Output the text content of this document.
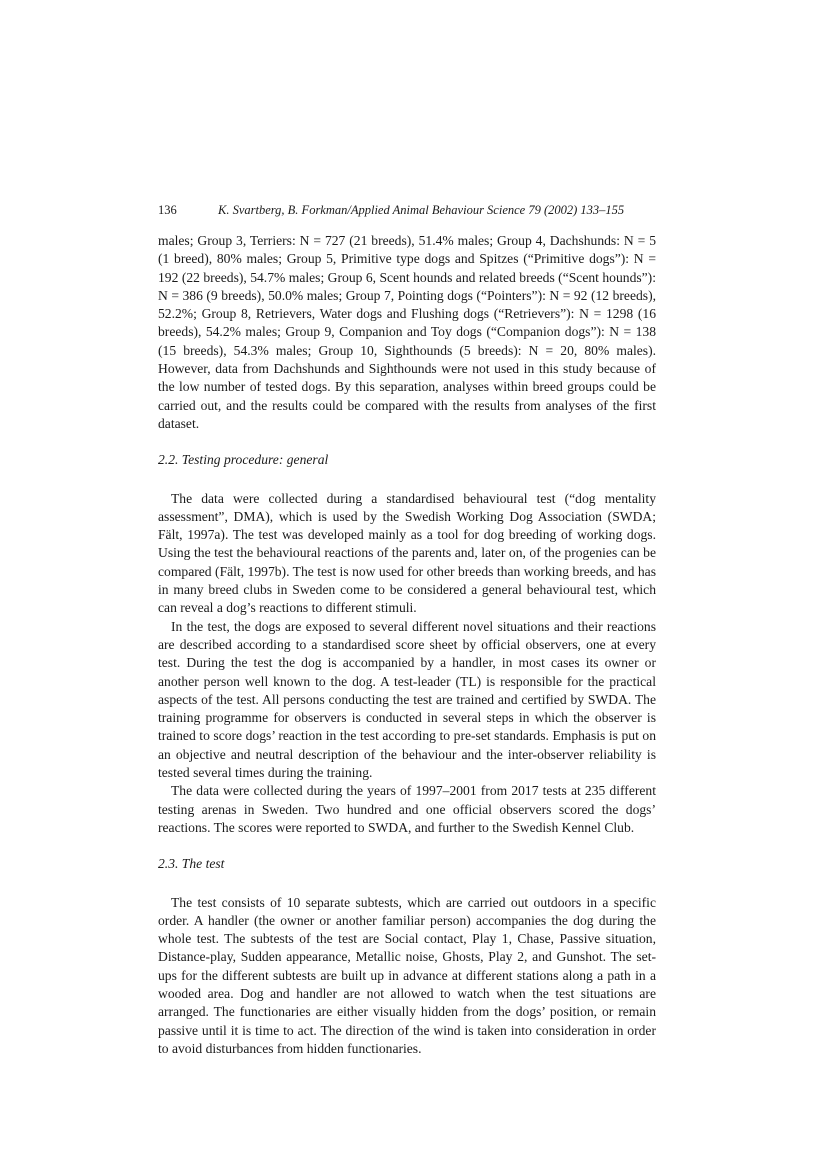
136	K. Svartberg, B. Forkman/Applied Animal Behaviour Science 79 (2002) 133–155

males; Group 3, Terriers: N = 727 (21 breeds), 51.4% males; Group 4, Dachshunds: N = 5 (1 breed), 80% males; Group 5, Primitive type dogs and Spitzes (“Primitive dogs”): N = 192 (22 breeds), 54.7% males; Group 6, Scent hounds and related breeds (“Scent hounds”): N = 386 (9 breeds), 50.0% males; Group 7, Pointing dogs (“Pointers”): N = 92 (12 breeds), 52.2%; Group 8, Retrievers, Water dogs and Flushing dogs (“Retrievers”): N = 1298 (16 breeds), 54.2% males; Group 9, Companion and Toy dogs (“Companion dogs”): N = 138 (15 breeds), 54.3% males; Group 10, Sighthounds (5 breeds): N = 20, 80% males). However, data from Dachshunds and Sighthounds were not used in this study because of the low number of tested dogs. By this separation, analyses within breed groups could be carried out, and the results could be compared with the results from analyses of the first dataset.

2.2. Testing procedure: general

The data were collected during a standardised behavioural test (“dog mentality assessment”, DMA), which is used by the Swedish Working Dog Association (SWDA; Fält, 1997a). The test was developed mainly as a tool for dog breeding of working dogs. Using the test the behavioural reactions of the parents and, later on, of the progenies can be compared (Fält, 1997b). The test is now used for other breeds than working breeds, and has in many breed clubs in Sweden come to be considered a general behavioural test, which can reveal a dog’s reactions to different stimuli.

In the test, the dogs are exposed to several different novel situations and their reactions are described according to a standardised score sheet by official observers, one at every test. During the test the dog is accompanied by a handler, in most cases its owner or another person well known to the dog. A test-leader (TL) is responsible for the practical aspects of the test. All persons conducting the test are trained and certified by SWDA. The training programme for observers is conducted in several steps in which the observer is trained to score dogs’ reaction in the test according to pre-set standards. Emphasis is put on an objective and neutral description of the behaviour and the inter-observer reliability is tested several times during the training.

The data were collected during the years of 1997–2001 from 2017 tests at 235 different testing arenas in Sweden. Two hundred and one official observers scored the dogs’ reactions. The scores were reported to SWDA, and further to the Swedish Kennel Club.

2.3. The test

The test consists of 10 separate subtests, which are carried out outdoors in a specific order. A handler (the owner or another familiar person) accompanies the dog during the whole test. The subtests of the test are Social contact, Play 1, Chase, Passive situation, Distance-play, Sudden appearance, Metallic noise, Ghosts, Play 2, and Gunshot. The set-ups for the different subtests are built up in advance at different stations along a path in a wooded area. Dog and handler are not allowed to watch when the test situations are arranged. The functionaries are either visually hidden from the dogs’ position, or remain passive until it is time to act. The direction of the wind is taken into consideration in order to avoid disturbances from hidden functionaries.
